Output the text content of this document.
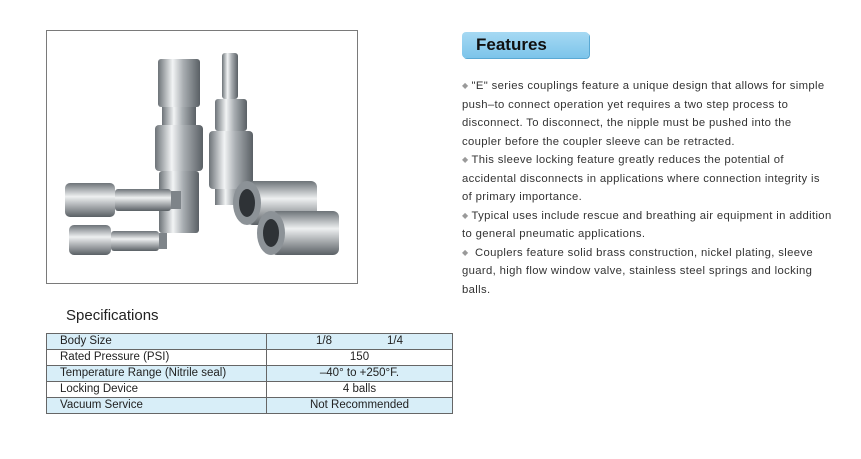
Specifications
Body Size	1/8 1/4

Rated Pressure (PSI)	150
Temperature Range (Nitrile seal)	–40° to +250°F.
Locking Device	4 balls
Vacuum Service	Not Recommended
Features

◆ "E" series couplings feature a unique design that allows for simple push–to connect operation yet requires a two step process to disconnect. To disconnect, the nipple must be pushed into the coupler before the coupler sleeve can be retracted.

◆ This sleeve locking feature greatly reduces the potential of accidental disconnects in applications where connection integrity is of primary importance.

◆ Typical uses include rescue and breathing air equipment in addition to general pneumatic applications.

◆ Couplers feature solid brass construction, nickel plating, sleeve guard, high flow window valve, stainless steel springs and locking balls.
